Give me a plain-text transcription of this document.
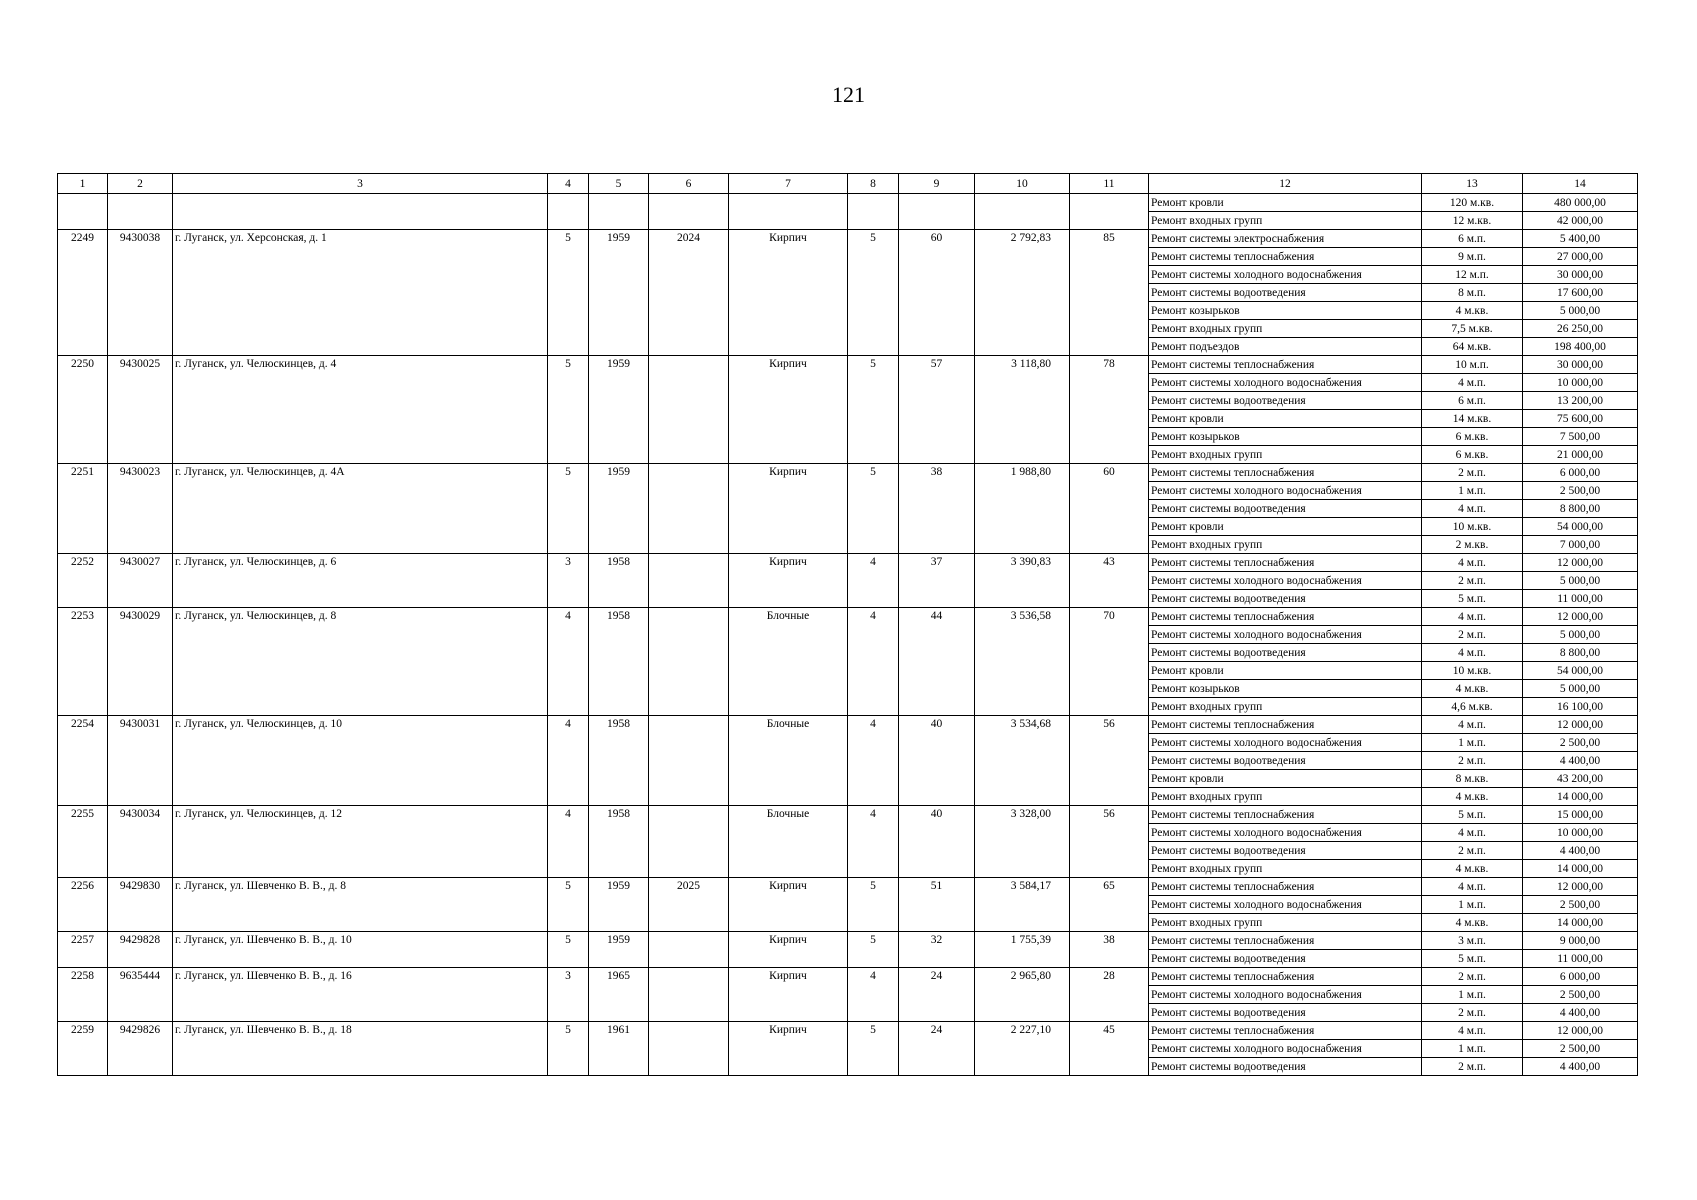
121
1	2	3	4	5	6	7	8	9	10	11	12	13	14
											Ремонт кровли	120 м.кв.	480 000,00
											Ремонт входных групп	12 м.кв.	42 000,00
2249	9430038	г. Луганск, ул. Херсонская, д. 1	5	1959	2024	Кирпич	5	60	2 792,83	85	Ремонт системы электроснабжения	6 м.п.	5 400,00
											Ремонт системы теплоснабжения	9 м.п.	27 000,00
											Ремонт системы холодного водоснабжения	12 м.п.	30 000,00
											Ремонт системы водоотведения	8 м.п.	17 600,00
											Ремонт козырьков	4 м.кв.	5 000,00
											Ремонт входных групп	7,5 м.кв.	26 250,00
											Ремонт подъездов	64 м.кв.	198 400,00
2250	9430025	г. Луганск, ул. Челюскинцев, д. 4	5	1959		Кирпич	5	57	3 118,80	78	Ремонт системы теплоснабжения	10 м.п.	30 000,00
											Ремонт системы холодного водоснабжения	4 м.п.	10 000,00
											Ремонт системы водоотведения	6 м.п.	13 200,00
											Ремонт кровли	14 м.кв.	75 600,00
											Ремонт козырьков	6 м.кв.	7 500,00
											Ремонт входных групп	6 м.кв.	21 000,00
2251	9430023	г. Луганск, ул. Челюскинцев, д. 4А	5	1959		Кирпич	5	38	1 988,80	60	Ремонт системы теплоснабжения	2 м.п.	6 000,00
											Ремонт системы холодного водоснабжения	1 м.п.	2 500,00
											Ремонт системы водоотведения	4 м.п.	8 800,00
											Ремонт кровли	10 м.кв.	54 000,00
											Ремонт входных групп	2 м.кв.	7 000,00
2252	9430027	г. Луганск, ул. Челюскинцев, д. 6	3	1958		Кирпич	4	37	3 390,83	43	Ремонт системы теплоснабжения	4 м.п.	12 000,00
											Ремонт системы холодного водоснабжения	2 м.п.	5 000,00
											Ремонт системы водоотведения	5 м.п.	11 000,00
2253	9430029	г. Луганск, ул. Челюскинцев, д. 8	4	1958		Блочные	4	44	3 536,58	70	Ремонт системы теплоснабжения	4 м.п.	12 000,00
											Ремонт системы холодного водоснабжения	2 м.п.	5 000,00
											Ремонт системы водоотведения	4 м.п.	8 800,00
											Ремонт кровли	10 м.кв.	54 000,00
											Ремонт козырьков	4 м.кв.	5 000,00
											Ремонт входных групп	4,6 м.кв.	16 100,00
2254	9430031	г. Луганск, ул. Челюскинцев, д. 10	4	1958		Блочные	4	40	3 534,68	56	Ремонт системы теплоснабжения	4 м.п.	12 000,00
											Ремонт системы холодного водоснабжения	1 м.п.	2 500,00
											Ремонт системы водоотведения	2 м.п.	4 400,00
											Ремонт кровли	8 м.кв.	43 200,00
											Ремонт входных групп	4 м.кв.	14 000,00
2255	9430034	г. Луганск, ул. Челюскинцев, д. 12	4	1958		Блочные	4	40	3 328,00	56	Ремонт системы теплоснабжения	5 м.п.	15 000,00
											Ремонт системы холодного водоснабжения	4 м.п.	10 000,00
											Ремонт системы водоотведения	2 м.п.	4 400,00
											Ремонт входных групп	4 м.кв.	14 000,00
2256	9429830	г. Луганск, ул. Шевченко В. В., д. 8	5	1959	2025	Кирпич	5	51	3 584,17	65	Ремонт системы теплоснабжения	4 м.п.	12 000,00
											Ремонт системы холодного водоснабжения	1 м.п.	2 500,00
											Ремонт входных групп	4 м.кв.	14 000,00
2257	9429828	г. Луганск, ул. Шевченко В. В., д. 10	5	1959		Кирпич	5	32	1 755,39	38	Ремонт системы теплоснабжения	3 м.п.	9 000,00
											Ремонт системы водоотведения	5 м.п.	11 000,00
2258	9635444	г. Луганск, ул. Шевченко В. В., д. 16	3	1965		Кирпич	4	24	2 965,80	28	Ремонт системы теплоснабжения	2 м.п.	6 000,00
											Ремонт системы холодного водоснабжения	1 м.п.	2 500,00
											Ремонт системы водоотведения	2 м.п.	4 400,00
2259	9429826	г. Луганск, ул. Шевченко В. В., д. 18	5	1961		Кирпич	5	24	2 227,10	45	Ремонт системы теплоснабжения	4 м.п.	12 000,00
											Ремонт системы холодного водоснабжения	1 м.п.	2 500,00
											Ремонт системы водоотведения	2 м.п.	4 400,00
